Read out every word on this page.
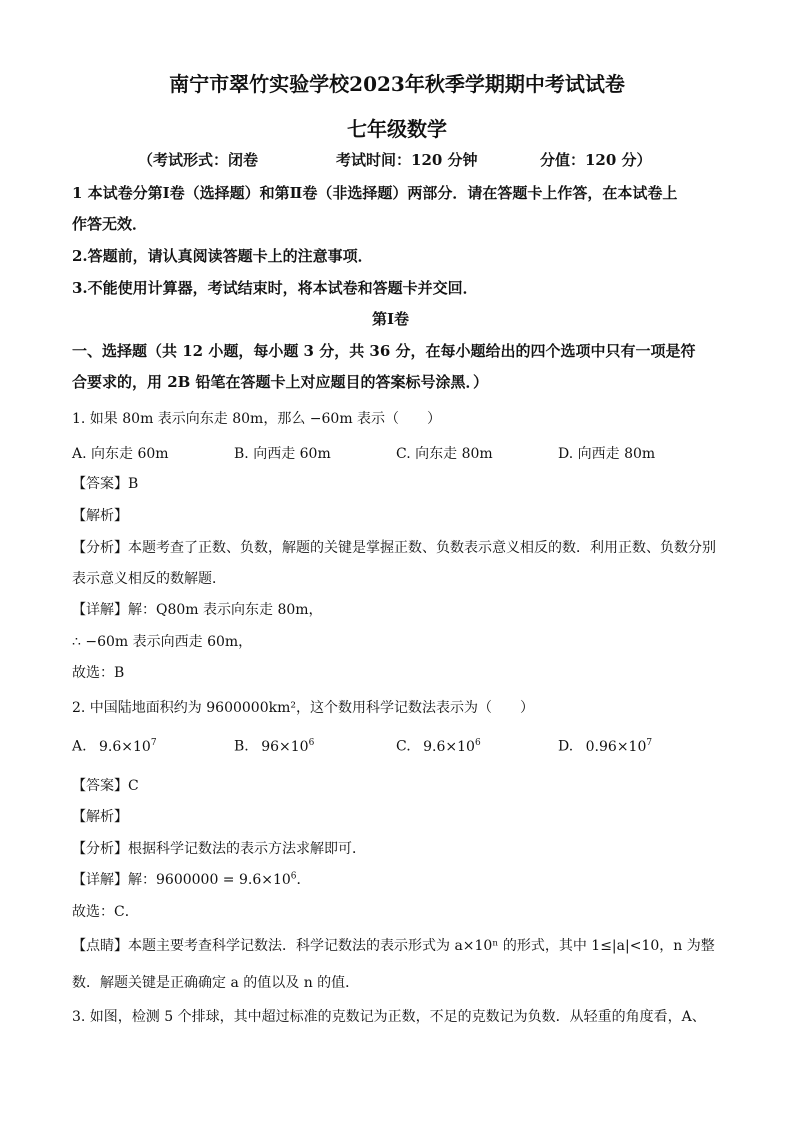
南宁市翠竹实验学校2023年秋季学期期中考试试卷
七年级数学
（考试形式：闭卷	考试时间：120 分钟	分值：120 分）
1 本试卷分第Ⅰ卷（选择题）和第Ⅱ卷（非选择题）两部分．请在答题卡上作答，在本试卷上
作答无效．
2.答题前，请认真阅读答题卡上的注意事项．
3.不能使用计算器，考试结束时，将本试卷和答题卡并交回．
第Ⅰ卷
一、选择题（共 12 小题，每小题 3 分，共 36 分，在每小题给出的四个选项中只有一项是符
合要求的，用 2B 铅笔在答题卡上对应题目的答案标号涂黑．）
1. 如果 80m 表示向东走 80m，那么 −60m 表示（　　）
A. 向东走 60m	B. 向西走 60m	C. 向东走 80m	D. 向西走 80m
【答案】B
【解析】
【分析】本题考查了正数、负数，解题的关键是掌握正数、负数表示意义相反的数．利用正数、负数分别
表示意义相反的数解题．
【详解】解：Q80m 表示向东走 80m，
∴ −60m 表示向西走 60m，
故选：B
2. 中国陆地面积约为 9600000km²，这个数用科学记数法表示为（　　）
A. $9.6\times 10^7$	B. $96\times 10^6$	C. $9.6\times 10^6$	D. $0.96\times 10^7$
【答案】C
【解析】
【分析】根据科学记数法的表示方法求解即可．
【详解】解：$9600000 = 9.6\times 10^6$．
故选：C．
【点睛】本题主要考查科学记数法．科学记数法的表示形式为 a×10ⁿ 的形式，其中 1≤|a|<10，n 为整
数．解题关键是正确确定 a 的值以及 n 的值．
3. 如图，检测 5 个排球，其中超过标准的克数记为正数，不足的克数记为负数．从轻重的角度看，A、
